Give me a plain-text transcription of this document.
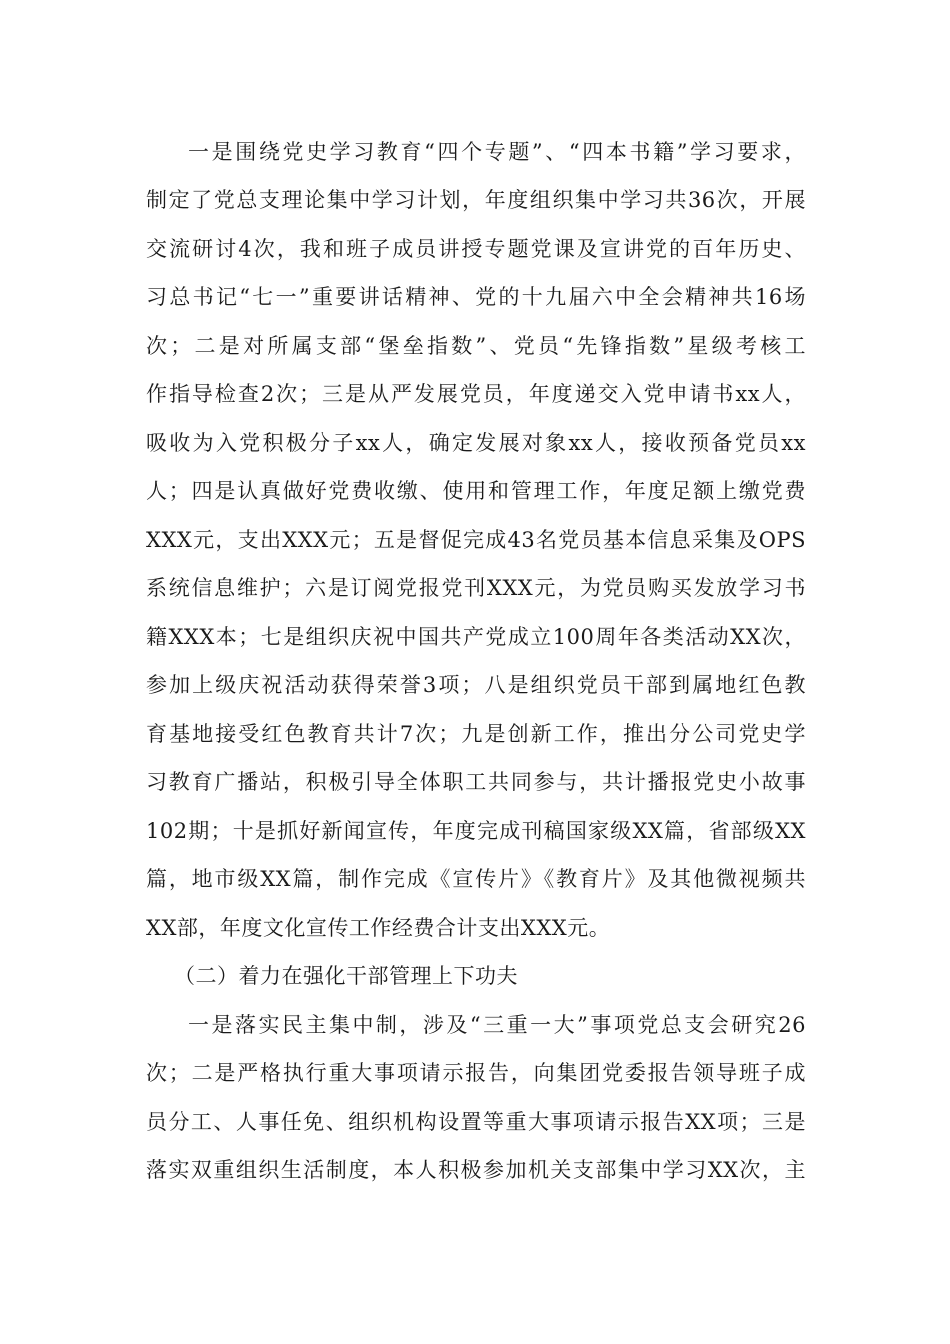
一是围绕党史学习教育“四个专题”、“四本书籍”学习要求，
制定了党总支理论集中学习计划，年度组织集中学习共36次，开展
交流研讨4次，我和班子成员讲授专题党课及宣讲党的百年历史、
习总书记“七一”重要讲话精神、党的十九届六中全会精神共16场
次；二是对所属支部“堡垒指数”、党员“先锋指数”星级考核工
作指导检查2次；三是从严发展党员，年度递交入党申请书xx人，
吸收为入党积极分子xx人，确定发展对象xx人，接收预备党员xx
人；四是认真做好党费收缴、使用和管理工作，年度足额上缴党费
XXX元，支出XXX元；五是督促完成43名党员基本信息采集及OPS
系统信息维护；六是订阅党报党刊XXX元，为党员购买发放学习书
籍XXX本；七是组织庆祝中国共产党成立100周年各类活动XX次，
参加上级庆祝活动获得荣誉3项；八是组织党员干部到属地红色教
育基地接受红色教育共计7次；九是创新工作，推出分公司党史学
习教育广播站，积极引导全体职工共同参与，共计播报党史小故事
102期；十是抓好新闻宣传，年度完成刊稿国家级XX篇，省部级XX
篇，地市级XX篇，制作完成《宣传片》《教育片》及其他微视频共
XX部，年度文化宣传工作经费合计支出XXX元。
（二）着力在强化干部管理上下功夫
一是落实民主集中制，涉及“三重一大”事项党总支会研究26
次；二是严格执行重大事项请示报告，向集团党委报告领导班子成
员分工、人事任免、组织机构设置等重大事项请示报告XX项；三是
落实双重组织生活制度，本人积极参加机关支部集中学习XX次，主
